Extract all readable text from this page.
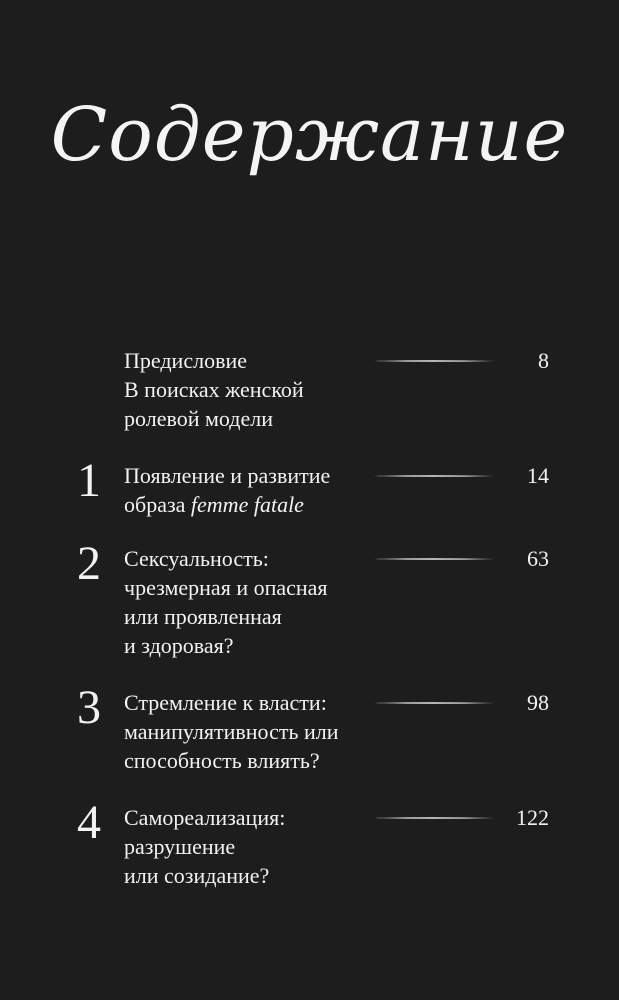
Содержание
Предисловие
В поисках женской
ролевой модели
8
1	Появление и развитие
образа femme fatale
14
2	Сексуальность:
чрезмерная и опасная
или проявленная
и здоровая?
63
3	Стремление к власти:
манипулятивность или
способность влиять?
98
4	Самореализация:
разрушение
или созидание?
122
